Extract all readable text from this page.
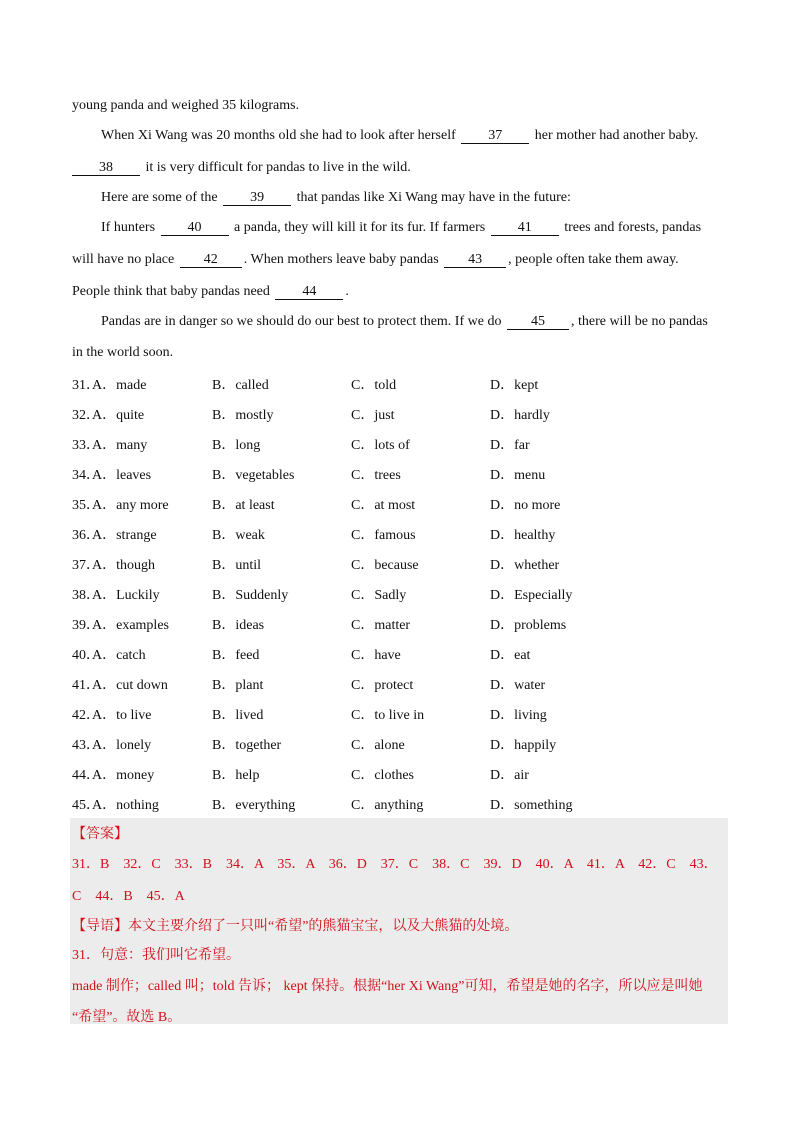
young panda and weighed 35 kilograms.
When Xi Wang was 20 months old she had to look after herself 37 her mother had another baby.
38 it is very difficult for pandas to live in the wild.
Here are some of the 39 that pandas like Xi Wang may have in the future:
If hunters 40 a panda, they will kill it for its fur. If farmers 41 trees and forests, pandas
will have no place 42 . When mothers leave baby pandas 43 , people often take them away.
People think that baby pandas need 44 .
Pandas are in danger so we should do our best to protect them. If we do 45 , there will be no pandas
in the world soon.
31．
A．made	B．called	C．told	D．kept
32．
A．quite	B．mostly	C．just	D．hardly
33．
A．many	B．long	C．lots of	D．far
34．
A．leaves	B．vegetables	C．trees	D．menu
35．
A．any more	B．at least	C．at most	D．no more
36．
A．strange	B．weak	C．famous	D．healthy
37．
A．though	B．until	C．because	D．whether
38．
A．Luckily	B．Suddenly	C．Sadly	D．Especially
39．
A．examples	B．ideas	C．matter	D．problems
40．
A．catch	B．feed	C．have	D．eat
41．
A．cut down	B．plant	C．protect	D．water
42．
A．to live	B．lived	C．to live in	D．living
43．
A．lonely	B．together	C．alone	D．happily
44．
A．money	B．help	C．clothes	D．air
45．
A．nothing	B．everything	C．anything	D．something
【答案】
31．B　32．C　33．B　34．A　35．A　36．D　37．C　38．C　39．D　40．A　41．A　42．C　43．
C　44．B　45．A
【导语】本文主要介绍了一只叫“希望”的熊猫宝宝，以及大熊猫的处境。
31．句意：我们叫它希望。
made 制作；called 叫；told 告诉； kept 保持。根据“her Xi Wang”可知，希望是她的名字，所以应是叫她
“希望”。故选 B。
